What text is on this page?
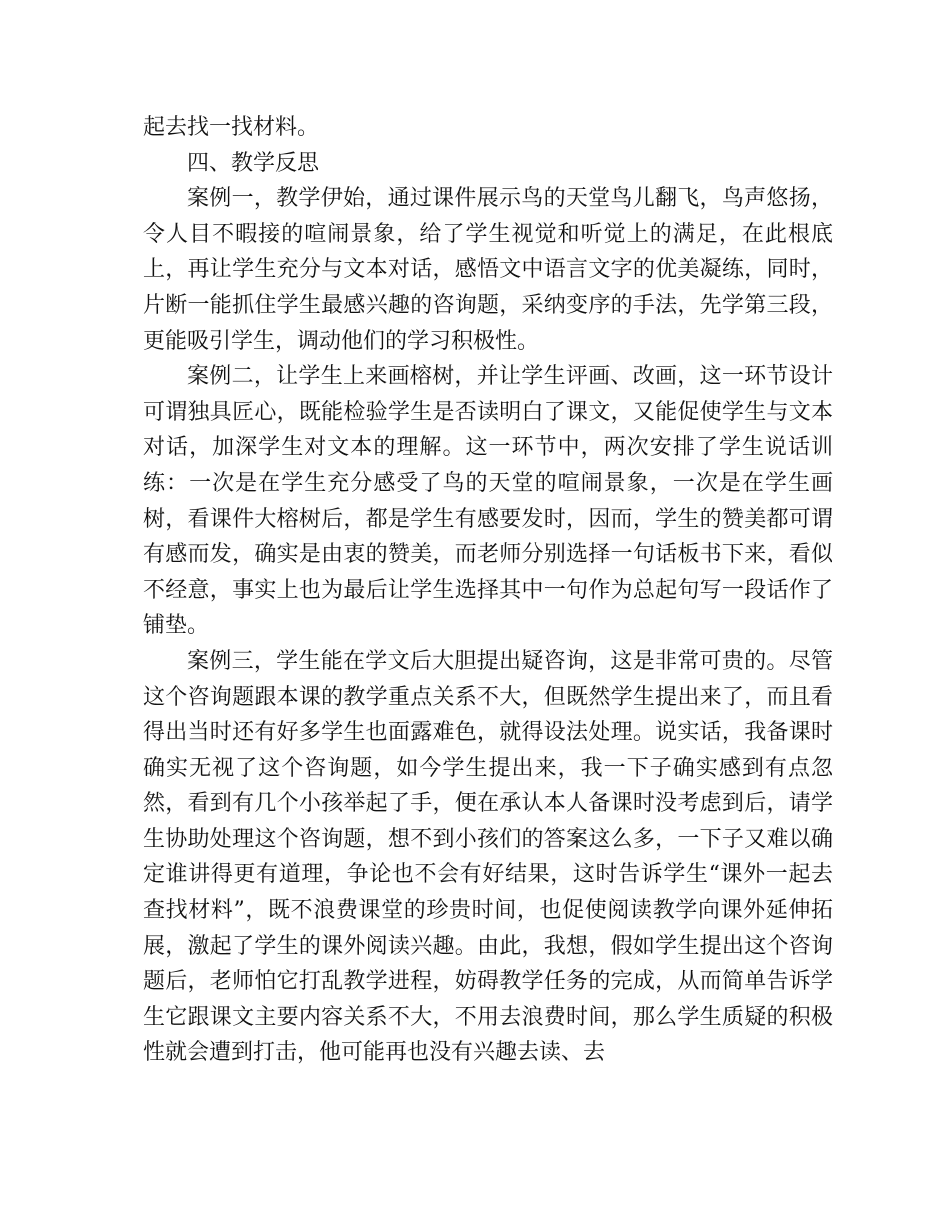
起去找一找材料。

四、教学反思

案例一，教学伊始，通过课件展示鸟的天堂鸟儿翻飞，鸟声悠扬，令人目不暇接的喧闹景象，给了学生视觉和听觉上的满足，在此根底上，再让学生充分与文本对话，感悟文中语言文字的优美凝练，同时，片断一能抓住学生最感兴趣的咨询题，采纳变序的手法，先学第三段，更能吸引学生，调动他们的学习积极性。

案例二，让学生上来画榕树，并让学生评画、改画，这一环节设计可谓独具匠心，既能检验学生是否读明白了课文，又能促使学生与文本对话，加深学生对文本的理解。这一环节中，两次安排了学生说话训练：一次是在学生充分感受了鸟的天堂的喧闹景象，一次是在学生画树，看课件大榕树后，都是学生有感要发时，因而，学生的赞美都可谓有感而发，确实是由衷的赞美，而老师分别选择一句话板书下来，看似不经意，事实上也为最后让学生选择其中一句作为总起句写一段话作了铺垫。

案例三，学生能在学文后大胆提出疑咨询，这是非常可贵的。尽管这个咨询题跟本课的教学重点关系不大，但既然学生提出来了，而且看得出当时还有好多学生也面露难色，就得设法处理。说实话，我备课时确实无视了这个咨询题，如今学生提出来，我一下子确实感到有点忽然，看到有几个小孩举起了手，便在承认本人备课时没考虑到后，请学生协助处理这个咨询题，想不到小孩们的答案这么多，一下子又难以确定谁讲得更有道理，争论也不会有好结果，这时告诉学生“课外一起去查找材料”，既不浪费课堂的珍贵时间，也促使阅读教学向课外延伸拓展，激起了学生的课外阅读兴趣。由此，我想，假如学生提出这个咨询题后，老师怕它打乱教学进程，妨碍教学任务的完成，从而简单告诉学生它跟课文主要内容关系不大，不用去浪费时间，那么学生质疑的积极性就会遭到打击，他可能再也没有兴趣去读、去
